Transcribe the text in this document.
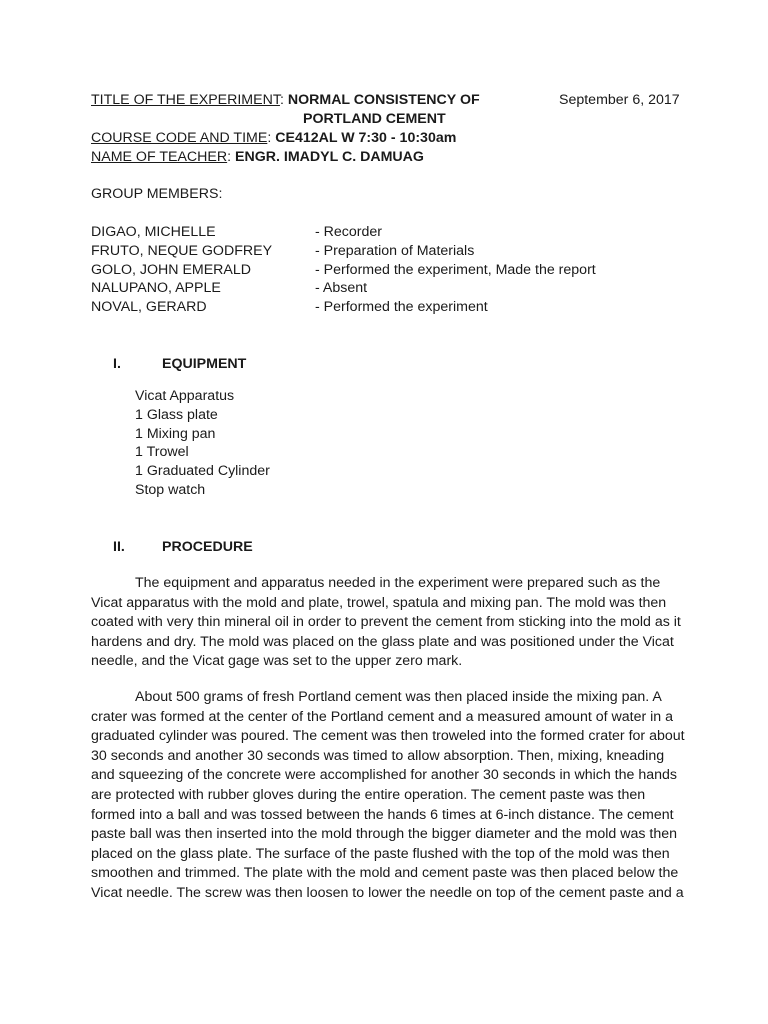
TITLE OF THE EXPERIMENT: NORMAL CONSISTENCY OF	September 6, 2017
PORTLAND CEMENT
COURSE CODE AND TIME: CE412AL W 7:30 - 10:30am
NAME OF TEACHER: ENGR. IMADYL C. DAMUAG
GROUP MEMBERS:
DIGAO, MICHELLE	- Recorder
FRUTO, NEQUE GODFREY	- Preparation of Materials
GOLO, JOHN EMERALD	- Performed the experiment, Made the report
NALUPANO, APPLE	- Absent
NOVAL, GERARD	- Performed the experiment
I.	EQUIPMENT
Vicat Apparatus
1 Glass plate
1 Mixing pan
1 Trowel
1 Graduated Cylinder
Stop watch
II.	PROCEDURE
The equipment and apparatus needed in the experiment were prepared such as the Vicat apparatus with the mold and plate, trowel, spatula and mixing pan. The mold was then coated with very thin mineral oil in order to prevent the cement from sticking into the mold as it hardens and dry. The mold was placed on the glass plate and was positioned under the Vicat needle, and the Vicat gage was set to the upper zero mark.
About 500 grams of fresh Portland cement was then placed inside the mixing pan. A crater was formed at the center of the Portland cement and a measured amount of water in a graduated cylinder was poured. The cement was then troweled into the formed crater for about 30 seconds and another 30 seconds was timed to allow absorption. Then, mixing, kneading and squeezing of the concrete were accomplished for another 30 seconds in which the hands are protected with rubber gloves during the entire operation. The cement paste was then formed into a ball and was tossed between the hands 6 times at 6-inch distance. The cement paste ball was then inserted into the mold through the bigger diameter and the mold was then placed on the glass plate. The surface of the paste flushed with the top of the mold was then smoothen and trimmed. The plate with the mold and cement paste was then placed below the Vicat needle. The screw was then loosen to lower the needle on top of the cement paste and a
